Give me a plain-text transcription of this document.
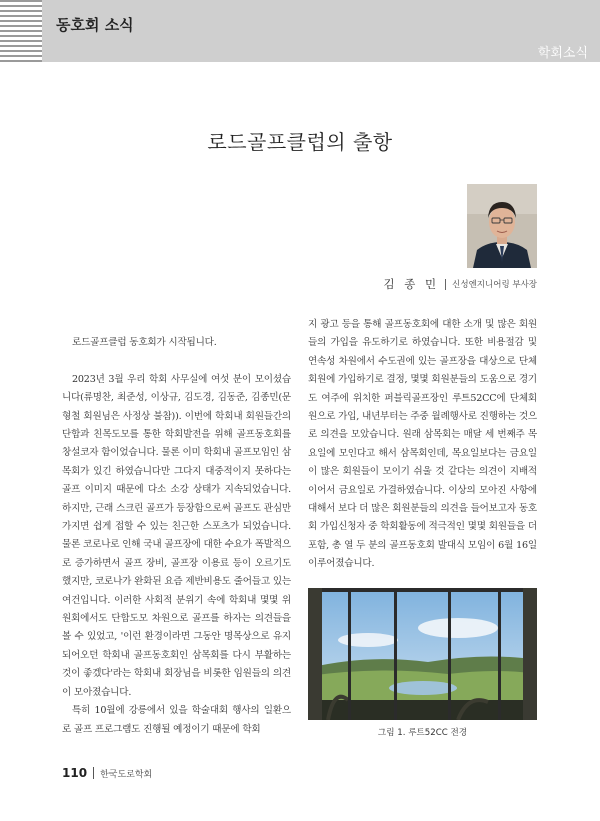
동호회 소식
학회소식
로드골프클럽의 출항
김 종 민 신성엔지니어링 부사장

로드골프클럽 동호회가 시작됩니다.

2023년 3월 우리 학회 사무실에 여섯 분이 모이셨습니다(류명찬, 최준성, 이상규, 김도경, 김동준, 김종민(문형철 회원님은 사정상 불참)). 이번에 학회내 회원들간의 단합과 친목도모를 통한 학회발전을 위해 골프동호회를 창설코자 함이었습니다. 물론 이미 학회내 골프모임인 삼목회가 있긴 하였습니다만 그다지 대중적이지 못하다는 골프 이미지 때문에 다소 소강 상태가 지속되었습니다. 하지만, 근래 스크린 골프가 등장함으로써 골프도 관심만 가지면 쉽게 접할 수 있는 친근한 스포츠가 되었습니다. 물론 코로나로 인해 국내 골프장에 대한 수요가 폭발적으로 증가하면서 골프 장비, 골프장 이용료 등이 오르기도 했지만, 코로나가 완화된 요즘 제반비용도 줄어들고 있는 여건입니다. 이러한 사회적 분위기 속에 학회내 몇몇 위원회에서도 단합도모 차원으로 골프를 하자는 의견들을 볼 수 있었고, '이런 환경이라면 그동안 명목상으로 유지되어오던 학회내 골프동호회인 삼목회를 다시 부활하는 것이 좋겠다'라는 학회내 회장님을 비롯한 임원들의 의견이 모아졌습니다.

특히 10월에 강릉에서 있을 학술대회 행사의 일환으로 골프 프로그램도 진행될 예정이기 때문에 학회

지 광고 등을 통해 골프동호회에 대한 소개 및 많은 회원들의 가입을 유도하기로 하였습니다. 또한 비용절감 및 연속성 차원에서 수도권에 있는 골프장을 대상으로 단체회원에 가입하기로 결정, 몇몇 회원분들의 도움으로 경기도 여주에 위치한 퍼블릭골프장인 루트52CC에 단체회원으로 가입, 내년부터는 주중 월례행사로 진행하는 것으로 의견을 모았습니다. 원래 삼목회는 매달 세 번째주 목요일에 모인다고 해서 삼목회인데, 목요일보다는 금요일이 많은 회원들이 모이기 쉬울 것 같다는 의견이 지배적이어서 금요일로 가결하였습니다. 이상의 모아진 사항에 대해서 보다 더 많은 회원분들의 의견을 들어보고자 동호회 가입신청자 중 학회활동에 적극적인 몇몇 회원들을 더 포함, 총 열 두 분의 골프동호회 발대식 모임이 6월 16일 이루어졌습니다.

그림 1. 루트52CC 전경
110 한국도로학회
